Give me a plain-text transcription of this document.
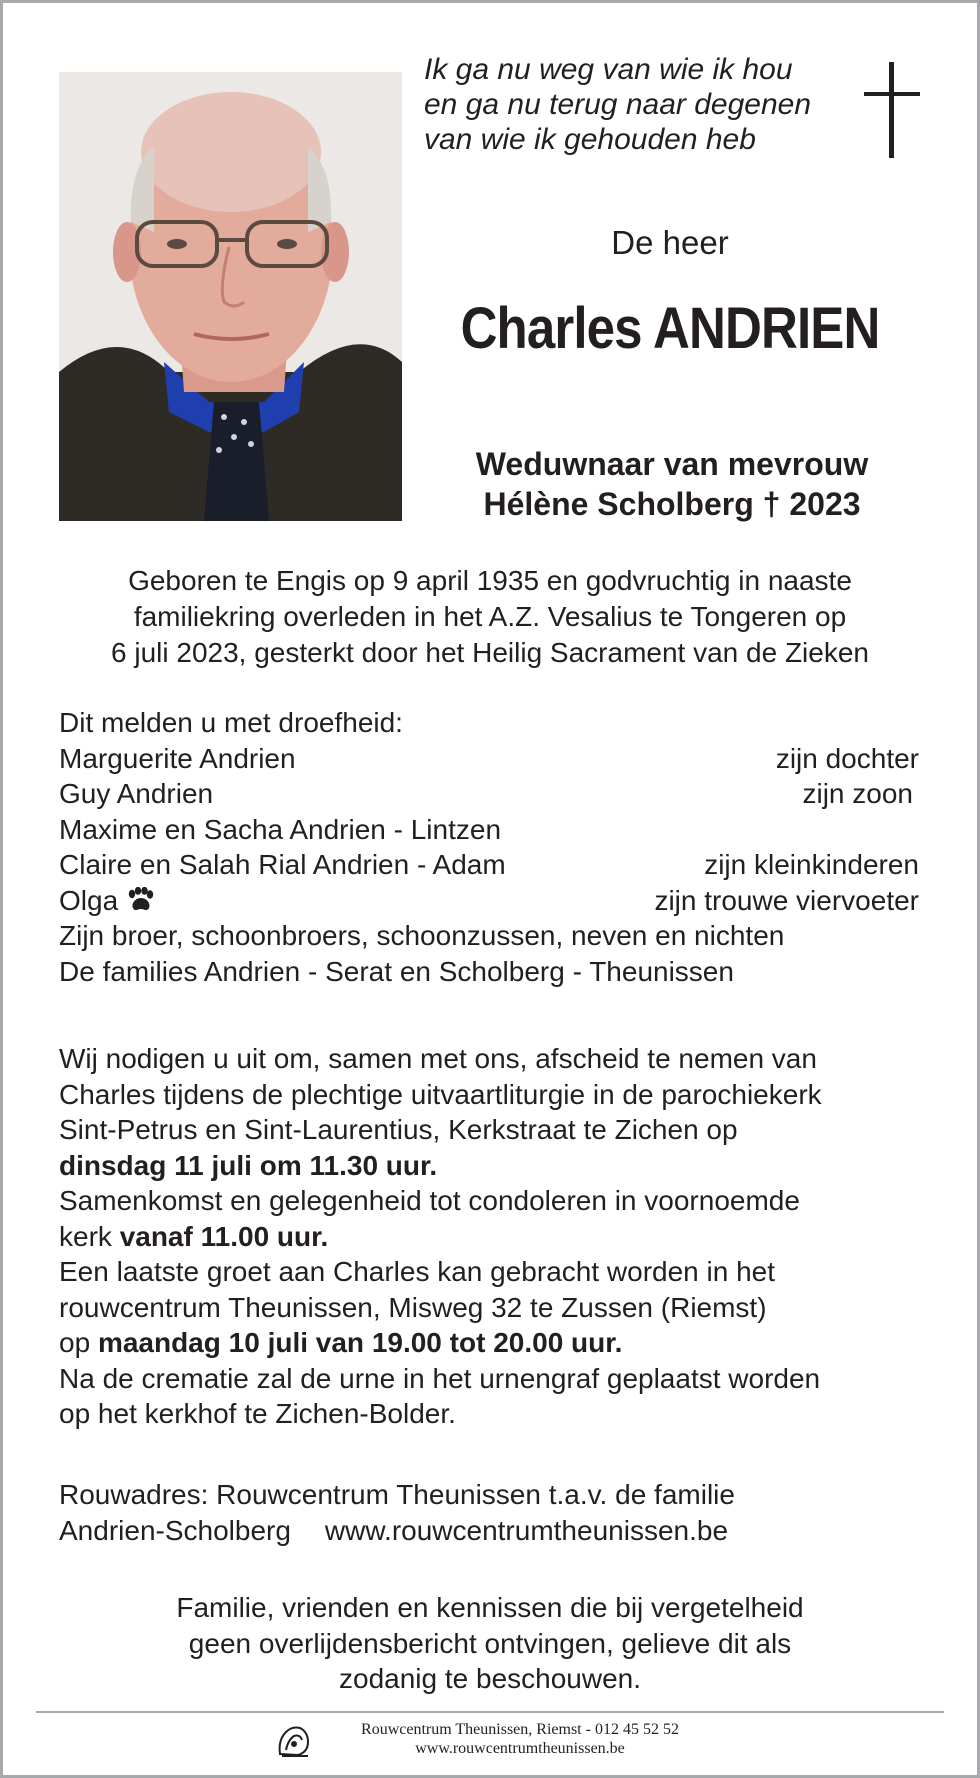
Ik ga nu weg van wie ik hou
en ga nu terug naar degenen
van wie ik gehouden heb
De heer
Charles ANDRIEN
Weduwnaar van mevrouw
Hélène Scholberg † 2023
Geboren te Engis op 9 april 1935 en godvruchtig in naaste
familiekring overleden in het A.Z. Vesalius te Tongeren op
6 juli 2023, gesterkt door het Heilig Sacrament van de Zieken
Dit melden u met droefheid:
Marguerite Andrien	zijn dochter
Guy Andrien	zijn zoon
Maxime en Sacha Andrien - Lintzen
Claire en Salah Rial Andrien - Adam	zijn kleinkinderen
Olga	zijn trouwe viervoeter
Zijn broer, schoonbroers, schoonzussen, neven en nichten
De families Andrien - Serat en Scholberg - Theunissen
Wij nodigen u uit om, samen met ons, afscheid te nemen van
Charles tijdens de plechtige uitvaartliturgie in de parochiekerk
Sint-Petrus en Sint-Laurentius, Kerkstraat te Zichen op
dinsdag 11 juli om 11.30 uur.
Samenkomst en gelegenheid tot condoleren in voornoemde
kerk vanaf 11.00 uur.
Een laatste groet aan Charles kan gebracht worden in het
rouwcentrum Theunissen, Misweg 32 te Zussen (Riemst)
op maandag 10 juli van 19.00 tot 20.00 uur.
Na de crematie zal de urne in het urnengraf geplaatst worden
op het kerkhof te Zichen-Bolder.
Rouwadres: Rouwcentrum Theunissen t.a.v. de familie
Andrien-Scholberg www.rouwcentrumtheunissen.be
Familie, vrienden en kennissen die bij vergetelheid
geen overlijdensbericht ontvingen, gelieve dit als
zodanig te beschouwen.
Rouwcentrum Theunissen, Riemst - 012 45 52 52
www.rouwcentrumtheunissen.be
